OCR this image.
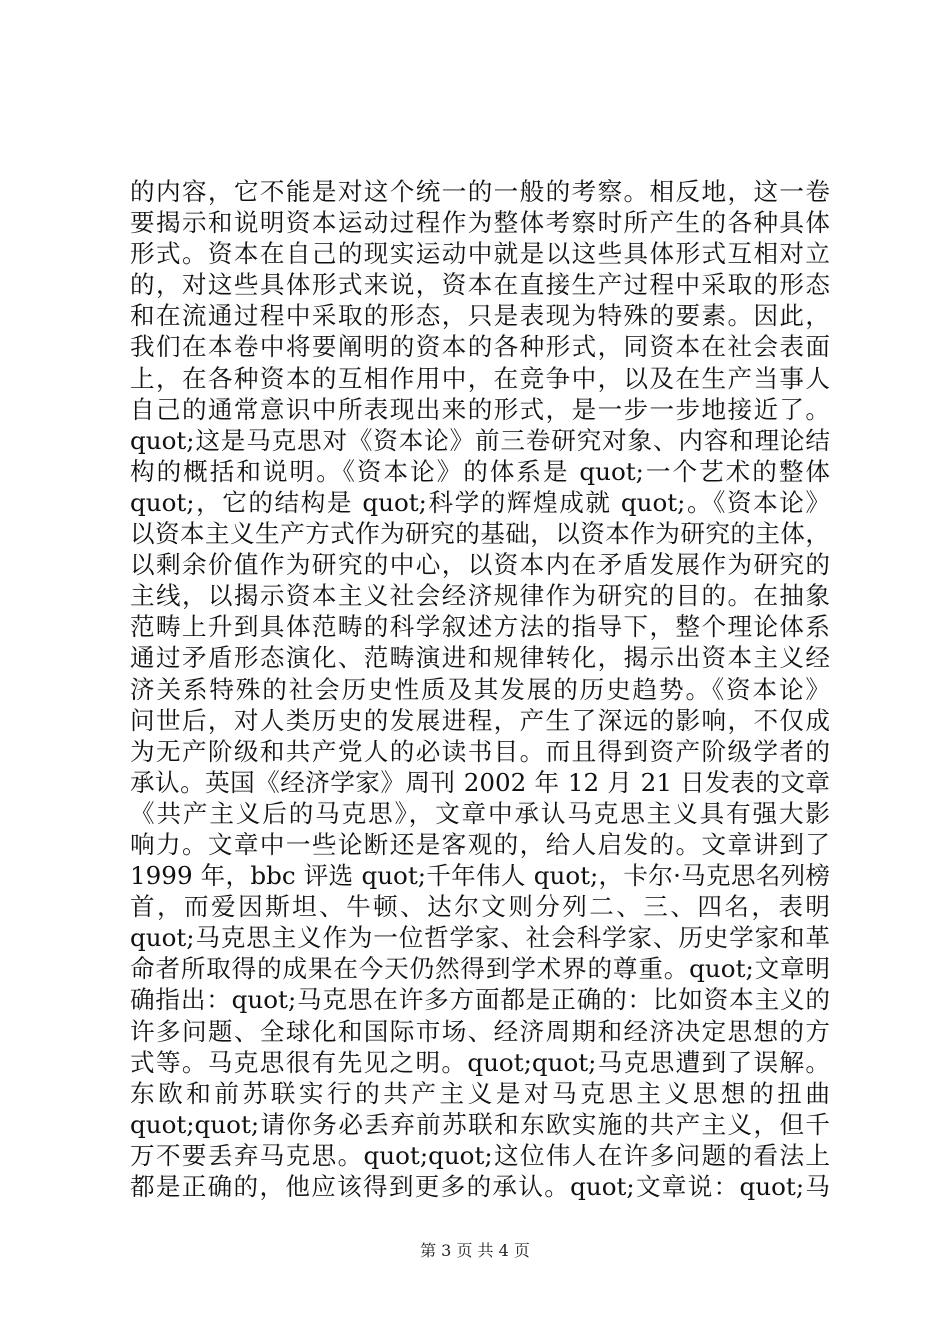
的内容，它不能是对这个统一的一般的考察。相反地，这一卷
要揭示和说明资本运动过程作为整体考察时所产生的各种具体
形式。资本在自己的现实运动中就是以这些具体形式互相对立
的，对这些具体形式来说，资本在直接生产过程中采取的形态
和在流通过程中采取的形态，只是表现为特殊的要素。因此，
我们在本卷中将要阐明的资本的各种形式，同资本在社会表面
上，在各种资本的互相作用中，在竞争中，以及在生产当事人
自己的通常意识中所表现出来的形式，是一步一步地接近了。
quot;这是马克思对《资本论》前三卷研究对象、内容和理论结
构的概括和说明。《资本论》的体系是 quot;一个艺术的整体
quot;，它的结构是 quot;科学的辉煌成就 quot;。《资本论》
以资本主义生产方式作为研究的基础，以资本作为研究的主体，
以剩余价值作为研究的中心，以资本内在矛盾发展作为研究的
主线，以揭示资本主义社会经济规律作为研究的目的。在抽象
范畴上升到具体范畴的科学叙述方法的指导下，整个理论体系
通过矛盾形态演化、范畴演进和规律转化，揭示出资本主义经
济关系特殊的社会历史性质及其发展的历史趋势。《资本论》
问世后，对人类历史的发展进程，产生了深远的影响，不仅成
为无产阶级和共产党人的必读书目。而且得到资产阶级学者的
承认。英国《经济学家》周刊 2002 年 12 月 21 日发表的文章
《共产主义后的马克思》，文章中承认马克思主义具有强大影
响力。文章中一些论断还是客观的，给人启发的。文章讲到了
1999 年，bbc 评选 quot;千年伟人 quot;，卡尔·马克思名列榜
首，而爱因斯坦、牛顿、达尔文则分列二、三、四名，表明
quot;马克思主义作为一位哲学家、社会科学家、历史学家和革
命者所取得的成果在今天仍然得到学术界的尊重。quot;文章明
确指出：quot;马克思在许多方面都是正确的：比如资本主义的
许多问题、全球化和国际市场、经济周期和经济决定思想的方
式等。马克思很有先见之明。quot;quot;马克思遭到了误解。
东欧和前苏联实行的共产主义是对马克思主义思想的扭曲
quot;quot;请你务必丢弃前苏联和东欧实施的共产主义，但千
万不要丢弃马克思。quot;quot;这位伟人在许多问题的看法上
都是正确的，他应该得到更多的承认。quot;文章说：quot;马
第 3 页 共 4 页
